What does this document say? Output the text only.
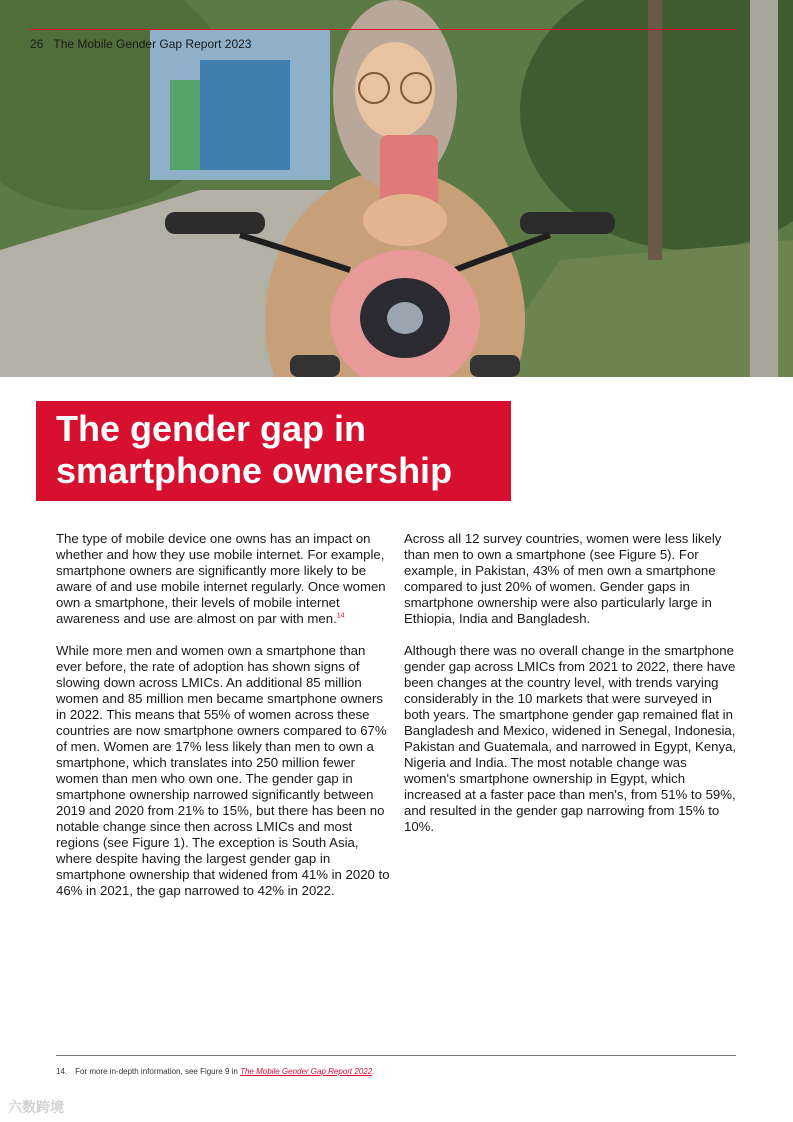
26 The Mobile Gender Gap Report 2023
The gender gap in
smartphone ownership

The type of mobile device one owns has an impact on whether and how they use mobile internet. For example, smartphone owners are significantly more likely to be aware of and use mobile internet regularly. Once women own a smartphone, their levels of mobile internet awareness and use are almost on par with men.$^{14}$

While more men and women own a smartphone than ever before, the rate of adoption has shown signs of slowing down across LMICs. An additional 85 million women and 85 million men became smartphone owners in 2022. This means that 55% of women across these countries are now smartphone owners compared to 67% of men. Women are 17% less likely than men to own a smartphone, which translates into 250 million fewer women than men who own one. The gender gap in smartphone ownership narrowed significantly between 2019 and 2020 from 21% to 15%, but there has been no notable change since then across LMICs and most regions (see Figure 1). The exception is South Asia, where despite having the largest gender gap in smartphone ownership that widened from 41% in 2020 to 46% in 2021, the gap narrowed to 42% in 2022.

Across all 12 survey countries, women were less likely than men to own a smartphone (see Figure 5). For example, in Pakistan, 43% of men own a smartphone compared to just 20% of women. Gender gaps in smartphone ownership were also particularly large in Ethiopia, India and Bangladesh.

Although there was no overall change in the smartphone gender gap across LMICs from 2021 to 2022, there have been changes at the country level, with trends varying considerably in the 10 markets that were surveyed in both years. The smartphone gender gap remained flat in Bangladesh and Mexico, widened in Senegal, Indonesia, Pakistan and Guatemala, and narrowed in Egypt, Kenya, Nigeria and India. The most notable change was women's smartphone ownership in Egypt, which increased at a faster pace than men's, from 51% to 59%, and resulted in the gender gap narrowing from 15% to 10%.

14. For more in-depth information, see Figure 9 in The Mobile Gender Gap Report 2022.
六数跨境
